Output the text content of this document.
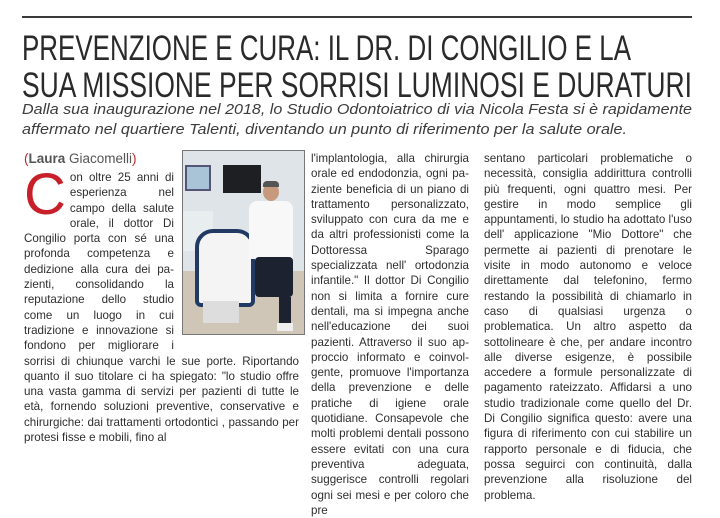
PREVENZIONE E CURA: IL DR. DI CONGILIO E LA
SUA MISSIONE PER SORRISI LUMINOSI E DURATURI
Dalla sua inaugurazione nel 2018, lo Studio Odontoiatrico di via Nicola Festa si è rapidamente
affermato nel quartiere Talenti, diventando un punto di riferimento per la salute orale.

(Laura Giacomelli)

C on oltre 25 anni di esperienza nel campo della salute orale, il dottor Di Congilio porta con sé una profonda competenza e dedizione alla cura dei pazienti, consolidando la reputazione dello studio come un luogo in cui tradizione e innovazione si fondono per migliorare i sorrisi di chiunque varchi le sue porte. Riportando quanto il suo titolare ci ha spiegato: "lo studio offre una vasta gamma di servizi per pazienti di tutte le età, fornendo soluzioni preventive, conservative e chirurgiche: dai trattamenti ortodontici , passando per protesi fisse e mobili, fino al

l'implantologia, alla chirurgia orale ed endodonzia, ogni paziente beneficia di un piano di trattamento personalizzato, sviluppato con cura da me e da altri professionisti come la Dottoressa Sparago specializzata nell' ortodonzia infantile." Il dottor Di Congilio non si limita a fornire cure dentali, ma si impegna anche nell'educazione dei suoi pazienti. Attraverso il suo approccio informato e coinvolgente, promuove l'importanza della prevenzione e delle pratiche di igiene orale quotidiane. Consapevole che molti problemi dentali possono essere evitati con una cura preventiva adeguata, suggerisce controlli regolari ogni sei mesi e per coloro che pre

sentano particolari problematiche o necessità, consiglia addirittura controlli più frequenti, ogni quattro mesi. Per gestire in modo semplice gli appuntamenti, lo studio ha adottato l'uso dell' applicazione "Mio Dottore" che permette ai pazienti di prenotare le visite in modo autonomo e veloce direttamente dal telefonino, fermo restando la possibilità di chiamarlo in caso di qualsiasi urgenza o problematica. Un altro aspetto da sottolineare è che, per andare incontro alle diverse esigenze, è possibile accedere a formule personalizzate di pagamento rateizzato. Affidarsi a uno studio tradizionale come quello del Dr. Di Congilio significa questo: avere una figura di riferimento con cui stabilire un rapporto personale e di fiducia, che possa seguirci con continuità, dalla prevenzione alla risoluzione del problema.
